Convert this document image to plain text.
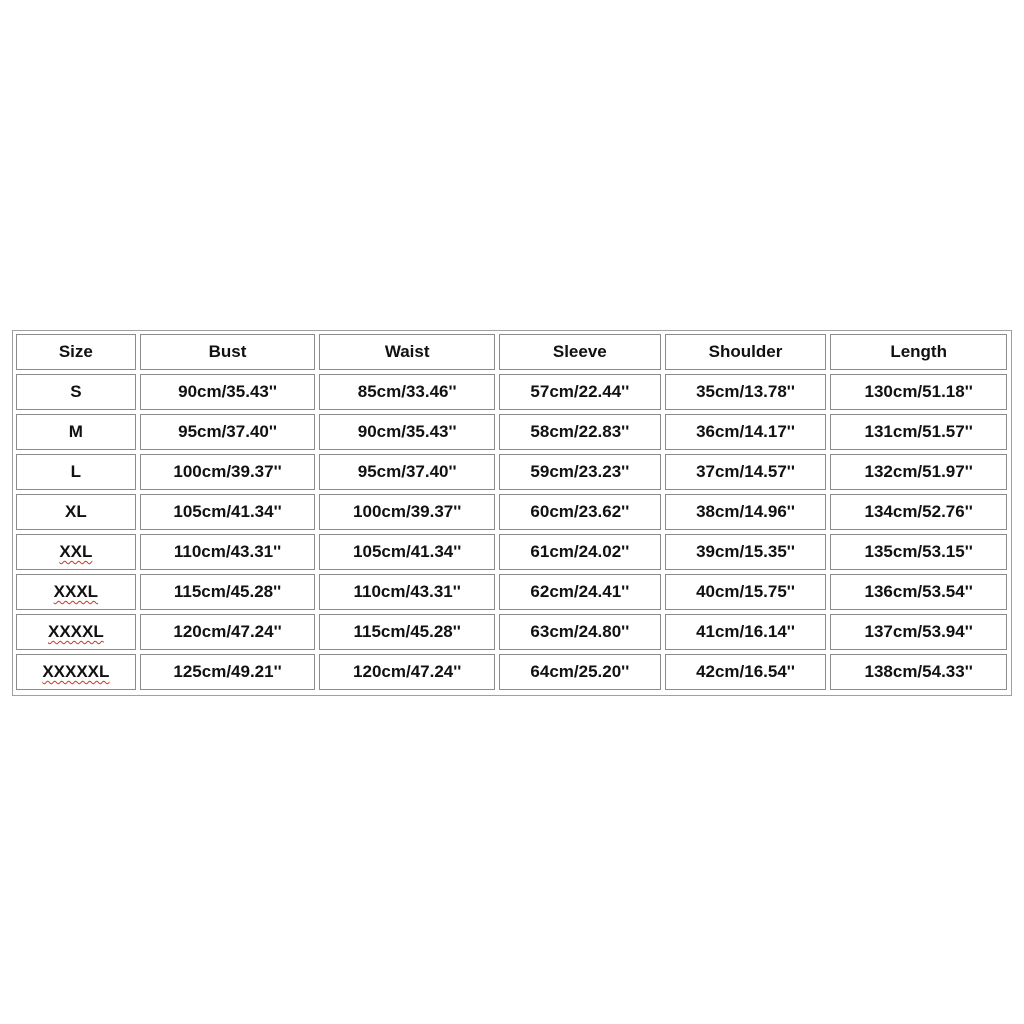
Size	Bust	Waist	Sleeve	Shoulder	Length
S	90cm/35.43''	85cm/33.46''	57cm/22.44''	35cm/13.78''	130cm/51.18''
M	95cm/37.40''	90cm/35.43''	58cm/22.83''	36cm/14.17''	131cm/51.57''
L	100cm/39.37''	95cm/37.40''	59cm/23.23''	37cm/14.57''	132cm/51.97''
XL	105cm/41.34''	100cm/39.37''	60cm/23.62''	38cm/14.96''	134cm/52.76''
XXL	110cm/43.31''	105cm/41.34''	61cm/24.02''	39cm/15.35''	135cm/53.15''
XXXL	115cm/45.28''	110cm/43.31''	62cm/24.41''	40cm/15.75''	136cm/53.54''
XXXXL	120cm/47.24''	115cm/45.28''	63cm/24.80''	41cm/16.14''	137cm/53.94''
XXXXXL	125cm/49.21''	120cm/47.24''	64cm/25.20''	42cm/16.54''	138cm/54.33''
